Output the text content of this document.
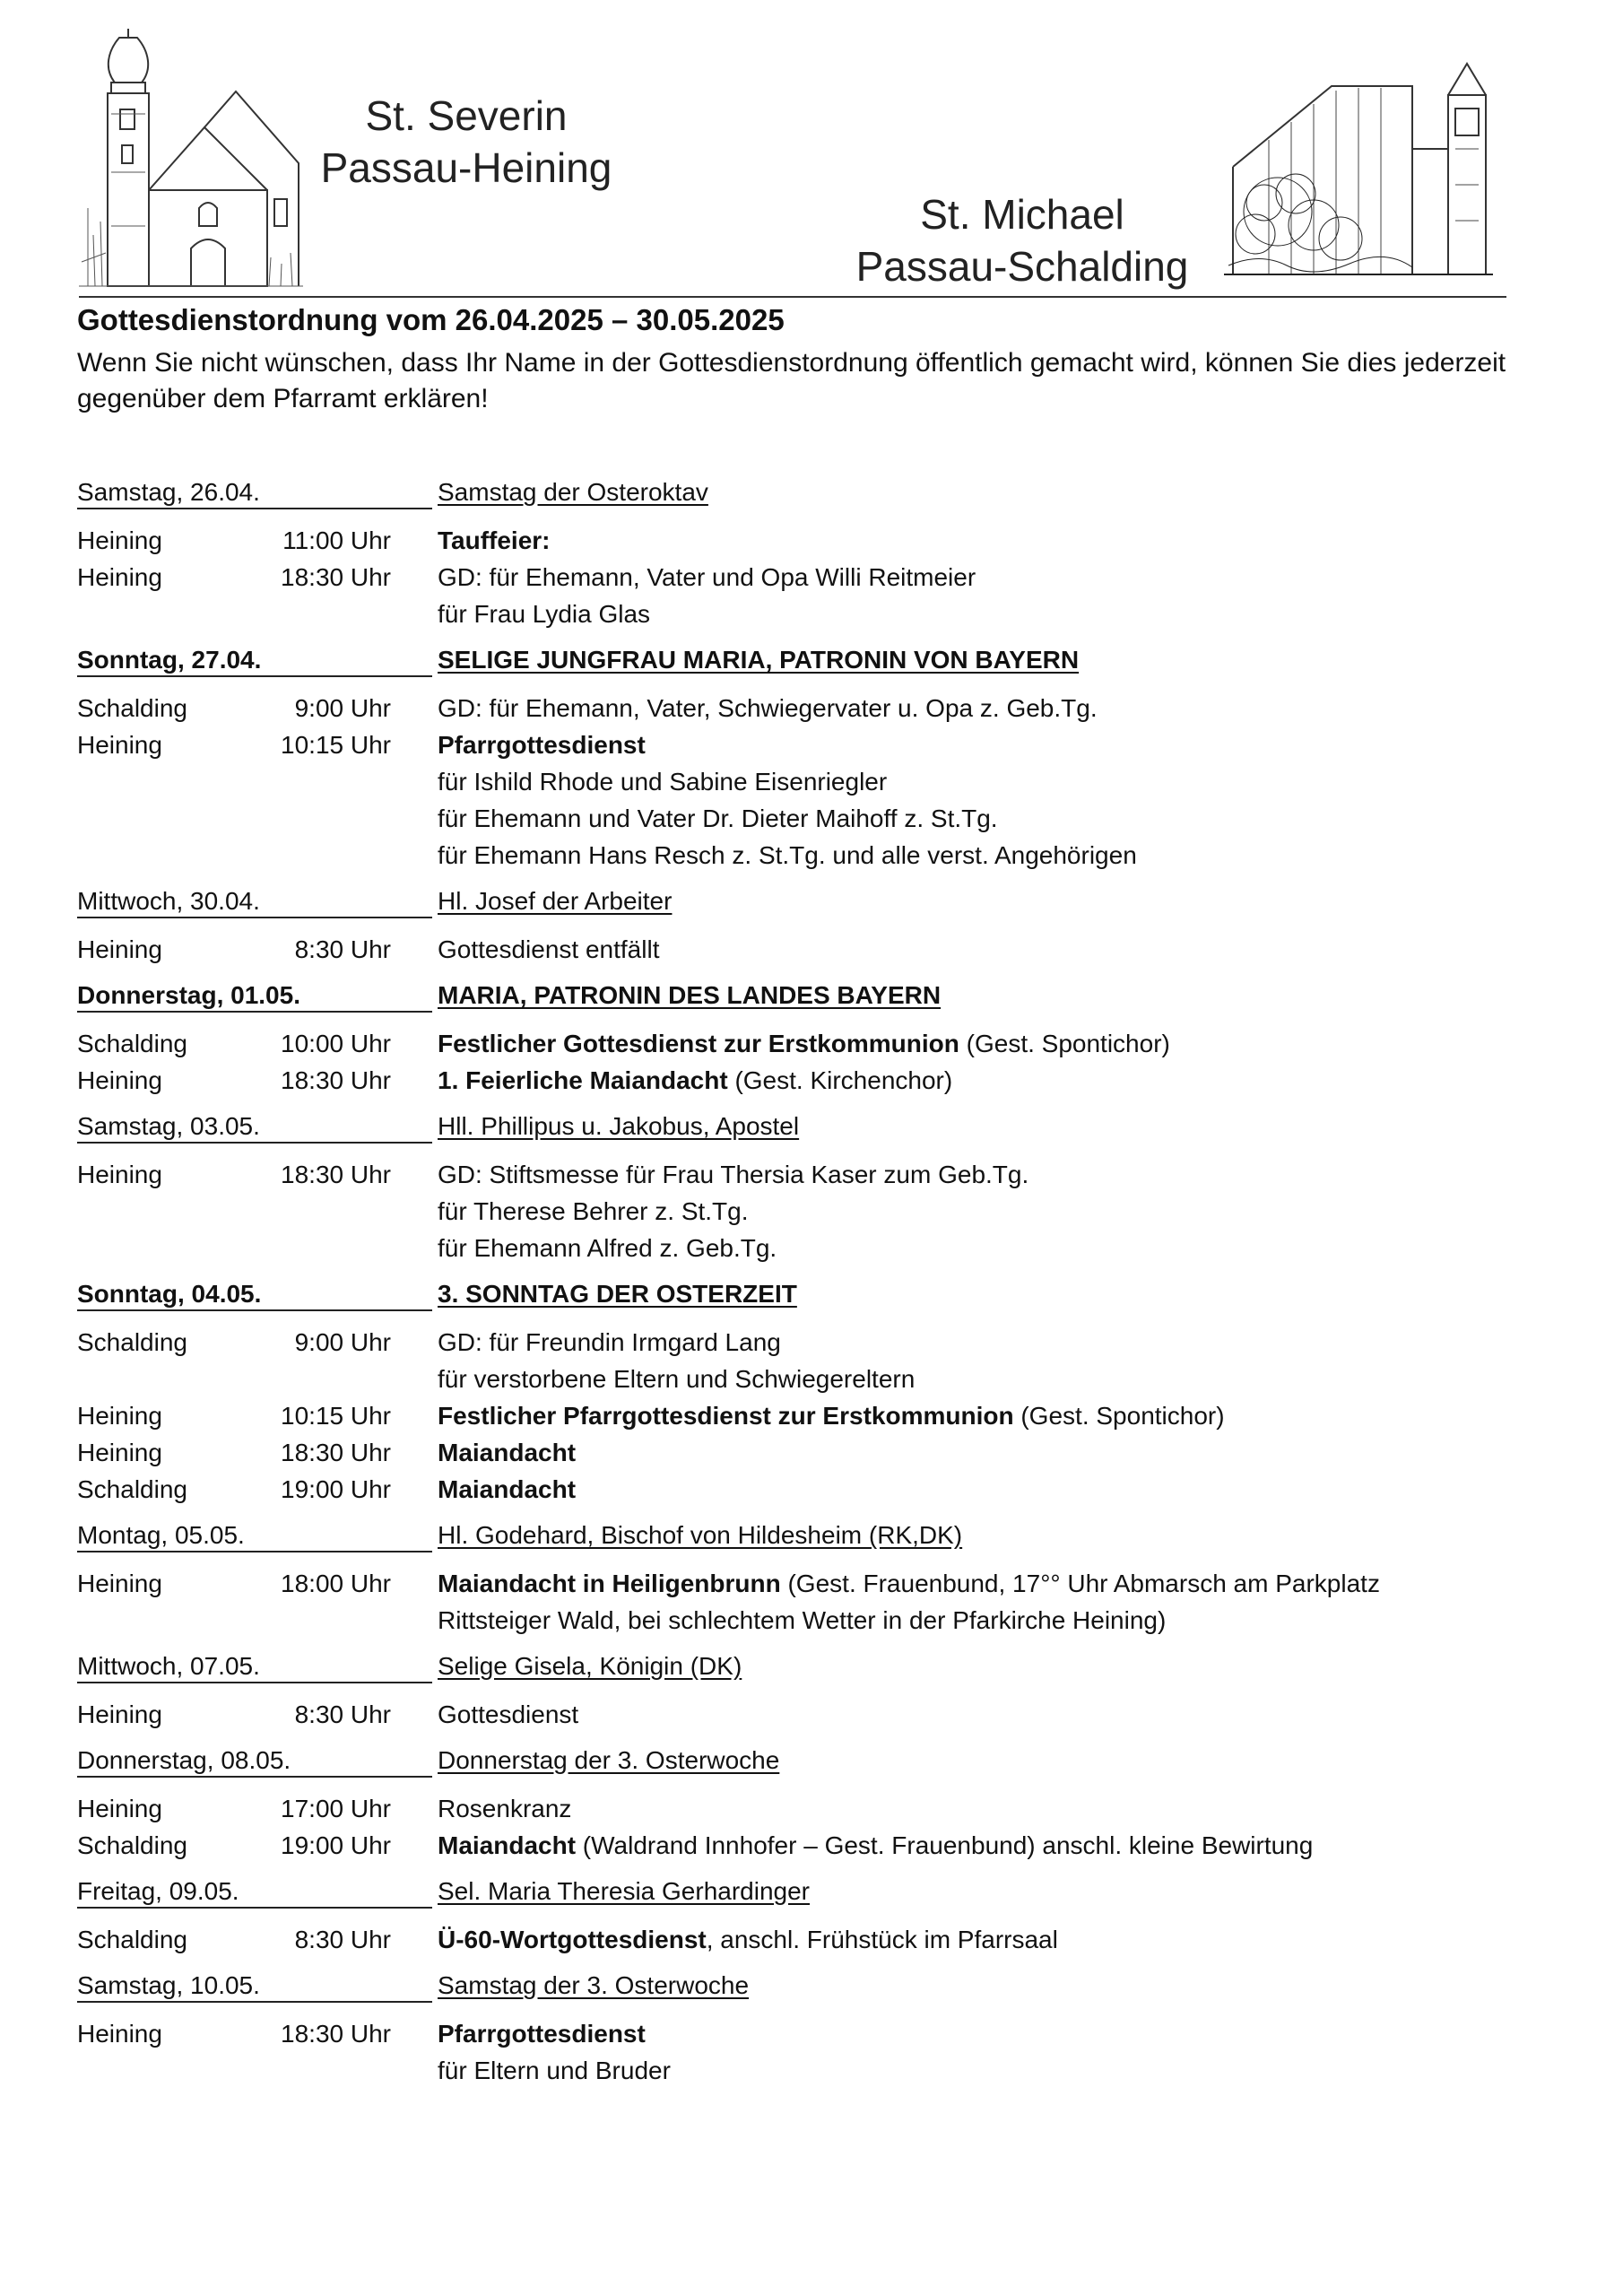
St. Severin
Passau-Heining
St. Michael
Passau-Schalding
Gottesdienstordnung vom 26.04.2025 – 30.05.2025
Wenn Sie nicht wünschen, dass Ihr Name in der Gottesdienstordnung öffentlich gemacht wird, können Sie dies jederzeit gegenüber dem Pfarramt erklären!
Samstag, 26.04.	Samstag der Osteroktav
Heining	11:00 Uhr Tauffeier:
Heining	18:30 Uhr GD: für Ehemann, Vater und Opa Willi Reitmeier
für Frau Lydia Glas
Sonntag, 27.04.	SELIGE JUNGFRAU MARIA, PATRONIN VON BAYERN
Schalding	9:00 Uhr GD: für Ehemann, Vater, Schwiegervater u. Opa z. Geb.Tg.
Heining	10:15 Uhr Pfarrgottesdienst
für Ishild Rhode und Sabine Eisenriegler
für Ehemann und Vater Dr. Dieter Maihoff z. St.Tg.
für Ehemann Hans Resch z. St.Tg. und alle verst. Angehörigen
Mittwoch, 30.04.	Hl. Josef der Arbeiter
Heining	8:30 Uhr Gottesdienst entfällt
Donnerstag, 01.05.	MARIA, PATRONIN DES LANDES BAYERN
Schalding	10:00 Uhr Festlicher Gottesdienst zur Erstkommunion (Gest. Spontichor)
Heining	18:30 Uhr 1. Feierliche Maiandacht (Gest. Kirchenchor)
Samstag, 03.05.	Hll. Phillipus u. Jakobus, Apostel
Heining	18:30 Uhr GD: Stiftsmesse für Frau Thersia Kaser zum Geb.Tg.
für Therese Behrer z. St.Tg.
für Ehemann Alfred z. Geb.Tg.
Sonntag, 04.05.	3. SONNTAG DER OSTERZEIT
Schalding	9:00 Uhr GD: für Freundin Irmgard Lang
für verstorbene Eltern und Schwiegereltern
Heining	10:15 Uhr Festlicher Pfarrgottesdienst zur Erstkommunion (Gest. Spontichor)
Heining	18:30 Uhr Maiandacht
Schalding	19:00 Uhr Maiandacht
Montag, 05.05.	Hl. Godehard, Bischof von Hildesheim (RK,DK)
Heining	18:00 Uhr Maiandacht in Heiligenbrunn (Gest. Frauenbund, 17°° Uhr Abmarsch am Parkplatz
Rittsteiger Wald, bei schlechtem Wetter in der Pfarkirche Heining)
Mittwoch, 07.05.	Selige Gisela, Königin (DK)
Heining	8:30 Uhr Gottesdienst
Donnerstag, 08.05.	Donnerstag der 3. Osterwoche
Heining	17:00 Uhr Rosenkranz
Schalding	19:00 Uhr Maiandacht (Waldrand Innhofer – Gest. Frauenbund) anschl. kleine Bewirtung
Freitag, 09.05.	Sel. Maria Theresia Gerhardinger
Schalding	8:30 Uhr Ü-60-Wortgottesdienst, anschl. Frühstück im Pfarrsaal
Samstag, 10.05.	Samstag der 3. Osterwoche
Heining	18:30 Uhr Pfarrgottesdienst
für Eltern und Bruder
